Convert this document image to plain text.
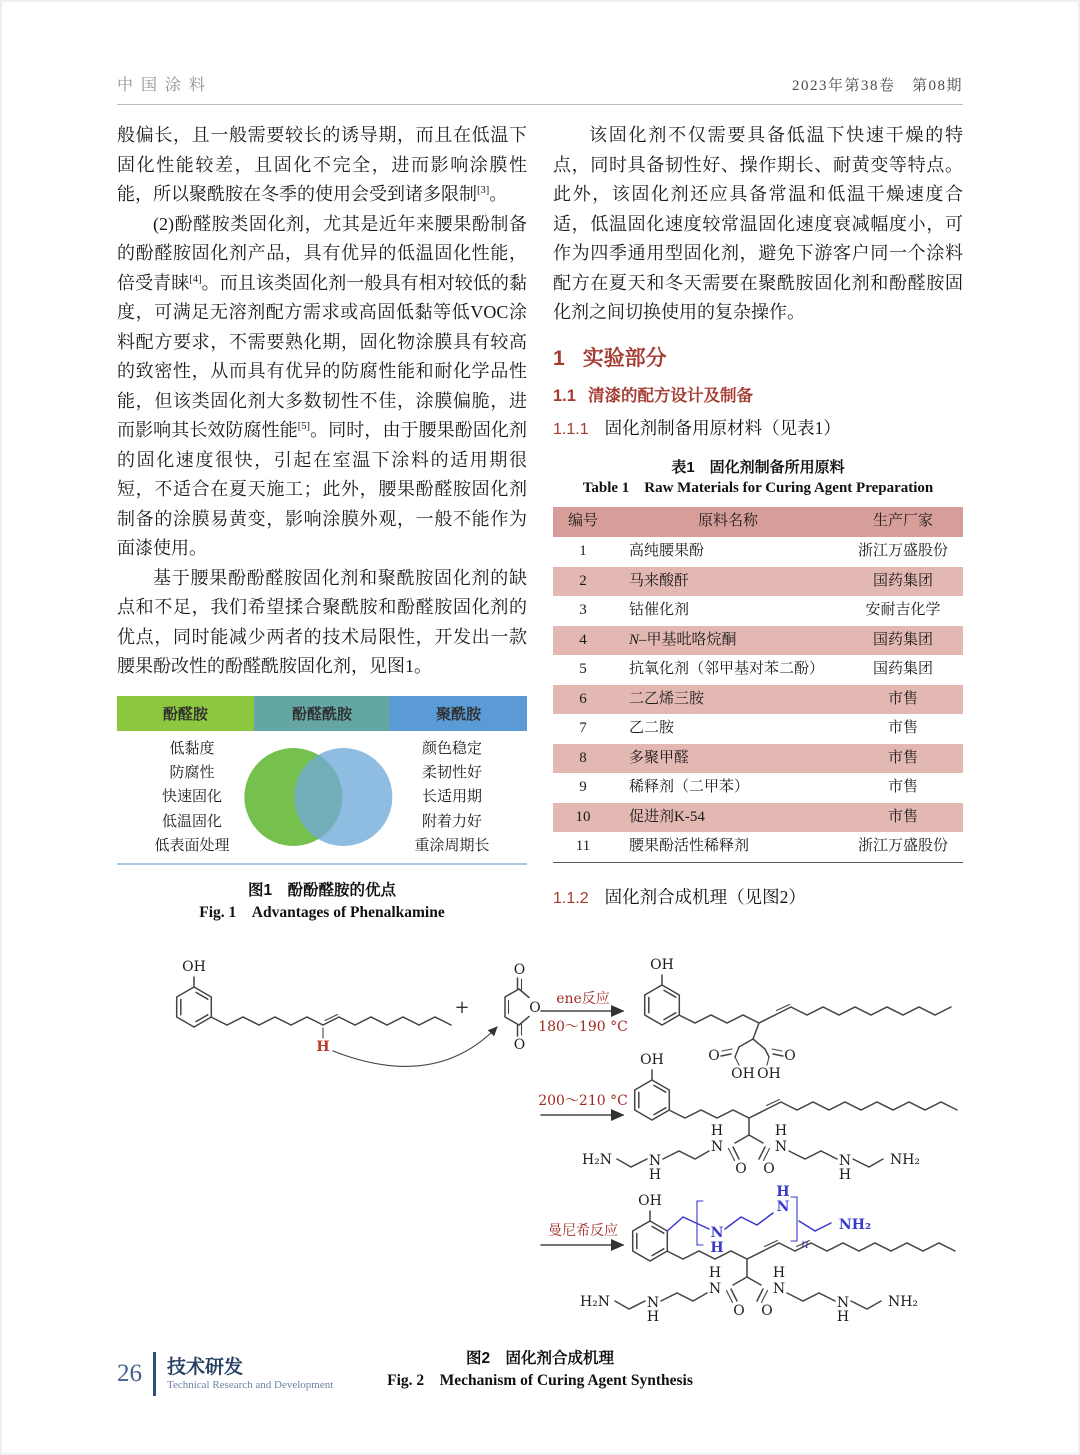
中国涂料	2023年第38卷　第08期

般偏长，且一般需要较长的诱导期，而且在低温下固化性能较差，且固化不完全，进而影响涂膜性能，所以聚酰胺在冬季的使用会受到诸多限制[3]。

(2)酚醛胺类固化剂，尤其是近年来腰果酚制备的酚醛胺固化剂产品，具有优异的低温固化性能，倍受青睐[4]。而且该类固化剂一般具有相对较低的黏度，可满足无溶剂配方需求或高固低黏等低VOC涂料配方要求，不需要熟化期，固化物涂膜具有较高的致密性，从而具有优异的防腐性能和耐化学品性能，但该类固化剂大多数韧性不佳，涂膜偏脆，进而影响其长效防腐性能[5]。同时，由于腰果酚固化剂的固化速度很快，引起在室温下涂料的适用期很短，不适合在夏天施工；此外，腰果酚醛胺固化剂制备的涂膜易黄变，影响涂膜外观，一般不能作为面漆使用。

基于腰果酚酚醛胺固化剂和聚酰胺固化剂的缺点和不足，我们希望揉合聚酰胺和酚醛胺固化剂的优点，同时能减少两者的技术局限性，开发出一款腰果酚改性的酚醛酰胺固化剂，见图1。

酚醛胺	酚醛酰胺	聚酰胺
低黏度
防腐性
快速固化
低温固化
低表面处理
颜色稳定
柔韧性好
长适用期
附着力好
重涂周期长
图1　酚酚醛胺的优点
Fig. 1　Advantages of Phenalkamine

该固化剂不仅需要具备低温下快速干燥的特点，同时具备韧性好、操作期长、耐黄变等特点。此外，该固化剂还应具备常温和低温干燥速度合适，低温固化速度较常温固化速度衰减幅度小，可作为四季通用型固化剂，避免下游客户同一个涂料配方在夏天和冬天需要在聚酰胺固化剂和酚醛胺固化剂之间切换使用的复杂操作。

1 实验部分
1.1 清漆的配方设计及制备
1.1.1 固化剂制备用原材料（见表1）
表1　固化剂制备所用原料
Table 1　Raw Materials for Curing Agent Preparation
编号	原料名称	生产厂家
1	高纯腰果酚	浙江万盛股份
2	马来酸酐	国药集团
3	钴催化剂	安耐吉化学
4	N–甲基吡咯烷酮	国药集团
5	抗氧化剂（邻甲基对苯二酚）	国药集团
6	二乙烯三胺	市售
7	乙二胺	市售
8	多聚甲醛	市售
9	稀释剂（二甲苯）	市售
10	促进剂K-54	市售
11	腰果酚活性稀释剂	浙江万盛股份
1.1.2 固化剂合成机理（见图2）
OH
H
+	O
O
O
ene反应
180～190 °C
OH
O
OH
O
OH
200～210 °C
OH
O O
N
H
N
H
N
H
H₂N	N
H
NH₂
曼尼希反应
OH
N
H
N
H
n
NH₂
O O
N
H
N
H
N
H
H₂N	N
H
NH₂
图2　固化剂合成机理
Fig. 2　Mechanism of Curing Agent Synthesis
26 技术研发
Technical Research and Development
